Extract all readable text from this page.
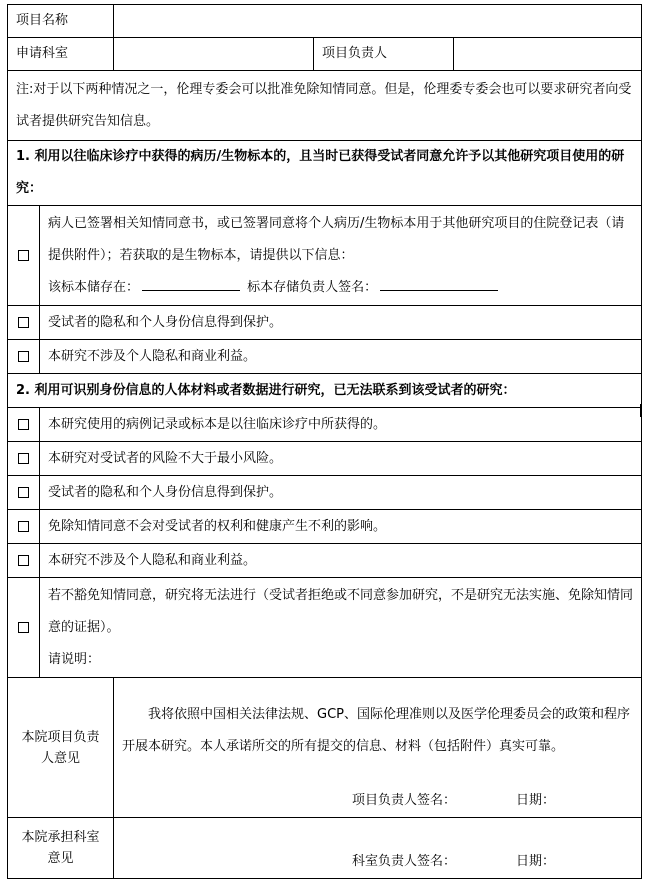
项目名称				
申请科室			项目负责人	
注:对于以下两种情况之一，伦理专委会可以批准免除知情同意。但是，伦理委专委会也可以要求研究者向受试者提供研究告知信息。				
1. 利用以往临床诊疗中获得的病历/生物标本的，且当时已获得受试者同意允许予以其他研究项目使用的研究：				
	病人已签署相关知情同意书，或已签署同意将个人病历/生物标本用于其他研究项目的住院登记表（请提供附件）；若获取的是生物标本，请提供以下信息：
该标本储存在： 标本存储负责人签名：			
	受试者的隐私和个人身份信息得到保护。			
	本研究不涉及个人隐私和商业利益。			
2. 利用可识别身份信息的人体材料或者数据进行研究，已无法联系到该受试者的研究：				
	本研究使用的病例记录或标本是以往临床诊疗中所获得的。			
	本研究对受试者的风险不大于最小风险。			
	受试者的隐私和个人身份信息得到保护。			
	免除知情同意不会对受试者的权利和健康产生不利的影响。			
	本研究不涉及个人隐私和商业利益。			
	若不豁免知情同意，研究将无法进行（受试者拒绝或不同意参加研究，不是研究无法实施、免除知情同意的证据）。
请说明：			
本院项目负责人意见		我将依照中国相关法律法规、GCP、国际伦理准则以及医学伦理委员会的政策和程序开展本研究。本人承诺所交的所有提交的信息、材料（包括附件）真实可靠。
项目负责人签名： 日期：		

本院承担科室意见		科室负责人签名： 日期：		
